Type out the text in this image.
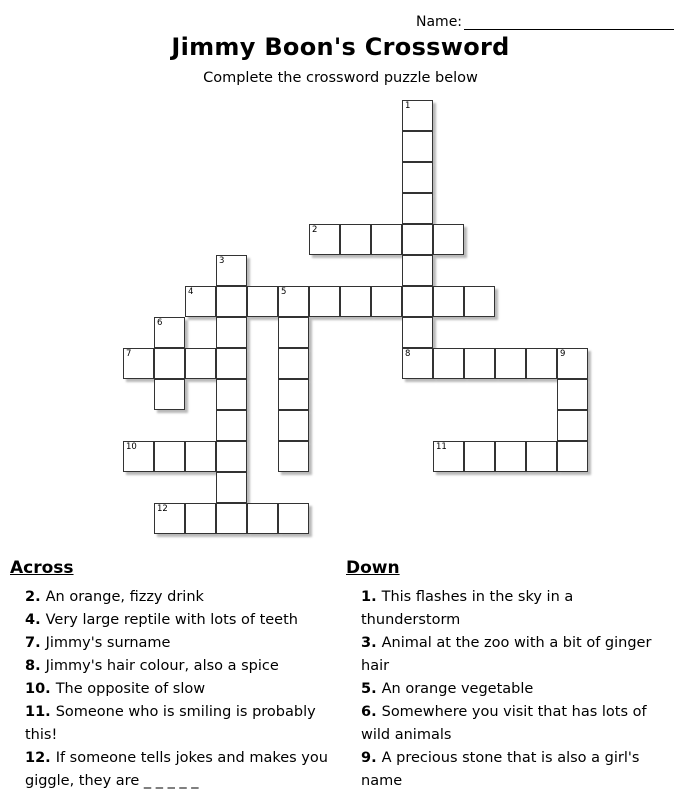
Name:
Jimmy Boon's Crossword
Complete the crossword puzzle below
1
2
3
4	5
6
7	8	9
10	11
12
Across
2. An orange, fizzy drink
4. Very large reptile with lots of teeth
7. Jimmy's surname
8. Jimmy's hair colour, also a spice
10. The opposite of slow
11. Someone who is smiling is probably this!
12. If someone tells jokes and makes you giggle, they are _ _ _ _ _
Down
1. This flashes in the sky in a thunderstorm
3. Animal at the zoo with a bit of ginger hair
5. An orange vegetable
6. Somewhere you visit that has lots of wild animals
9. A precious stone that is also a girl's name
